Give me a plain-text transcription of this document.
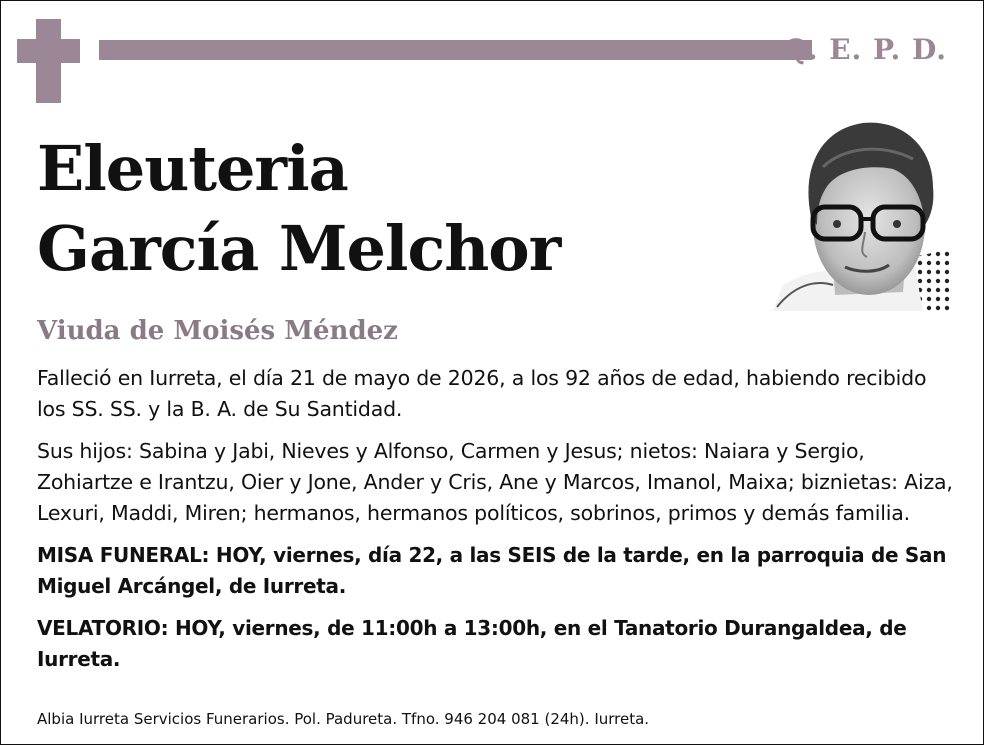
Q. E. P. D.

Eleuteria
García Melchor
Viuda de Moisés Méndez

Falleció en Iurreta, el día 21 de mayo de 2026, a los 92 años de edad, habiendo recibido los SS. SS. y la B. A. de Su Santidad.

Sus hijos: Sabina y Jabi, Nieves y Alfonso, Carmen y Jesus; nietos: Naiara y Sergio, Zohiartze e Irantzu, Oier y Jone, Ander y Cris, Ane y Marcos, Imanol, Maixa; biznietas: Aiza, Lexuri, Maddi, Miren; hermanos, hermanos políticos, sobrinos, primos y demás familia.

MISA FUNERAL: HOY, viernes, día 22, a las SEIS de la tarde, en la parroquia de San Miguel Arcángel, de Iurreta.

VELATORIO: HOY, viernes, de 11:00h a 13:00h, en el Tanatorio Durangaldea, de Iurreta.

Albia Iurreta Servicios Funerarios. Pol. Padureta. Tfno. 946 204 081 (24h). Iurreta.
